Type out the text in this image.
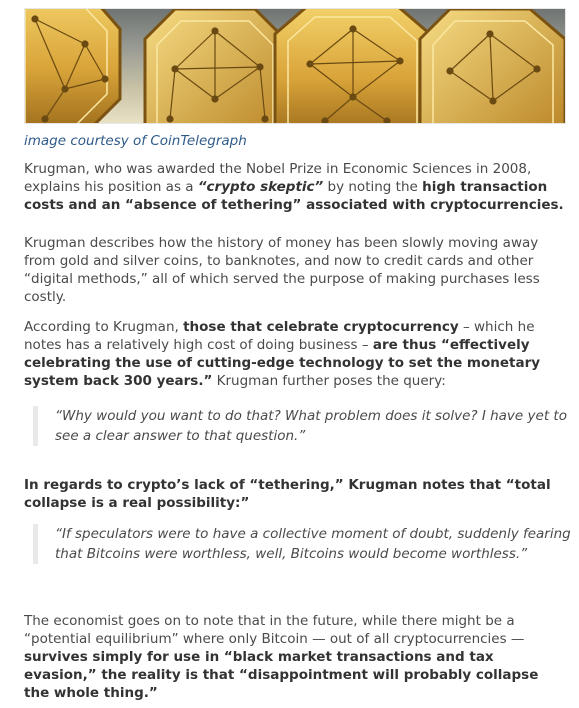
image courtesy of CoinTelegraph

Krugman, who was awarded the Nobel Prize in Economic Sciences in 2008, explains his position as a “crypto skeptic” by noting the high transaction costs and an “absence of tethering” associated with cryptocurrencies.

Krugman describes how the history of money has been slowly moving away from gold and silver coins, to banknotes, and now to credit cards and other “digital methods,” all of which served the purpose of making purchases less costly.

According to Krugman, those that celebrate cryptocurrency – which he notes has a relatively high cost of doing business – are thus “effectively celebrating the use of cutting-edge technology to set the monetary system back 300 years.” Krugman further poses the query:

“Why would you want to do that? What problem does it solve? I have yet to see a clear answer to that question.”

In regards to crypto’s lack of “tethering,” Krugman notes that “total collapse is a real possibility:”

“If speculators were to have a collective moment of doubt, suddenly fearing that Bitcoins were worthless, well, Bitcoins would become worthless.”

The economist goes on to note that in the future, while there might be a “potential equilibrium” where only Bitcoin — out of all cryptocurrencies — survives simply for use in “black market transactions and tax evasion,” the reality is that “disappointment will probably collapse the whole thing.”
